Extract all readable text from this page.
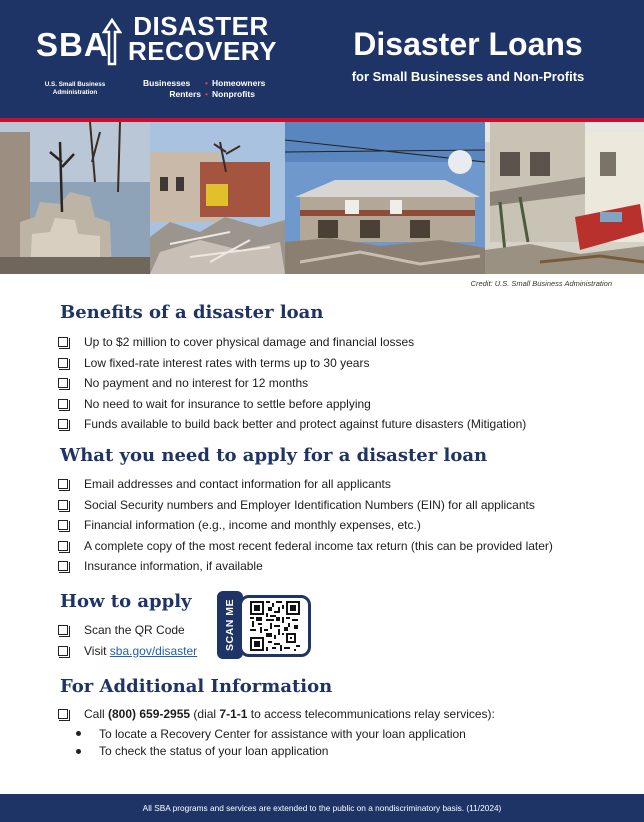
SBA
U.S. Small Business
Administration
DISASTER
RECOVERY
Businesses	• Homeowners
Renters • Nonprofits
Disaster Loans
for Small Businesses and Non-Profits
Credit: U.S. Small Business Administration
Benefits of a disaster loan
Up to $2 million to cover physical damage and financial losses
Low fixed-rate interest rates with terms up to 30 years
No payment and no interest for 12 months
No need to wait for insurance to settle before applying
Funds available to build back better and protect against future disasters (Mitigation)
What you need to apply for a disaster loan
Email addresses and contact information for all applicants
Social Security numbers and Employer Identification Numbers (EIN) for all applicants
Financial information (e.g., income and monthly expenses, etc.)
A complete copy of the most recent federal income tax return (this can be provided later)
Insurance information, if available
How to apply
Scan the QR Code
Visit sba.gov/disaster	SCAN ME
For Additional Information
Call (800) 659-2955 (dial 7-1-1 to access telecommunications relay services):
To locate a Recovery Center for assistance with your loan application
To check the status of your loan application
All SBA programs and services are extended to the public on a nondiscriminatory basis. (11/2024)
